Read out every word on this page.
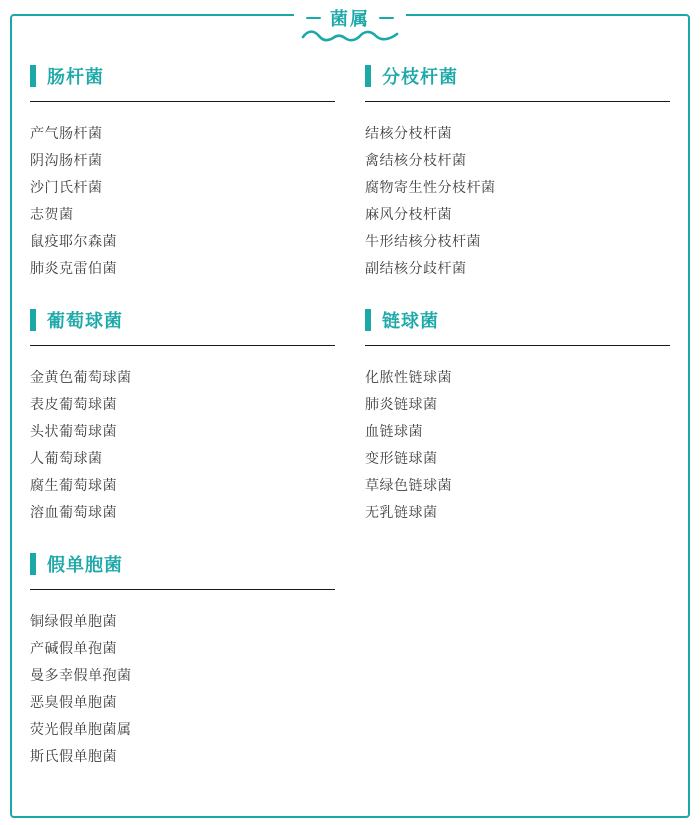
菌属
肠杆菌
产气肠杆菌
阴沟肠杆菌
沙门氏杆菌
志贺菌
鼠疫耶尔森菌
肺炎克雷伯菌
分枝杆菌
结核分枝杆菌
禽结核分枝杆菌
腐物寄生性分枝杆菌
麻风分枝杆菌
牛形结核分枝杆菌
副结核分歧杆菌
葡萄球菌
金黄色葡萄球菌
表皮葡萄球菌
头状葡萄球菌
人葡萄球菌
腐生葡萄球菌
溶血葡萄球菌
链球菌
化脓性链球菌
肺炎链球菌
血链球菌
变形链球菌
草绿色链球菌
无乳链球菌
假单胞菌
铜绿假单胞菌
产碱假单孢菌
曼多幸假单孢菌
恶臭假单胞菌
荧光假单胞菌属
斯氏假单胞菌
